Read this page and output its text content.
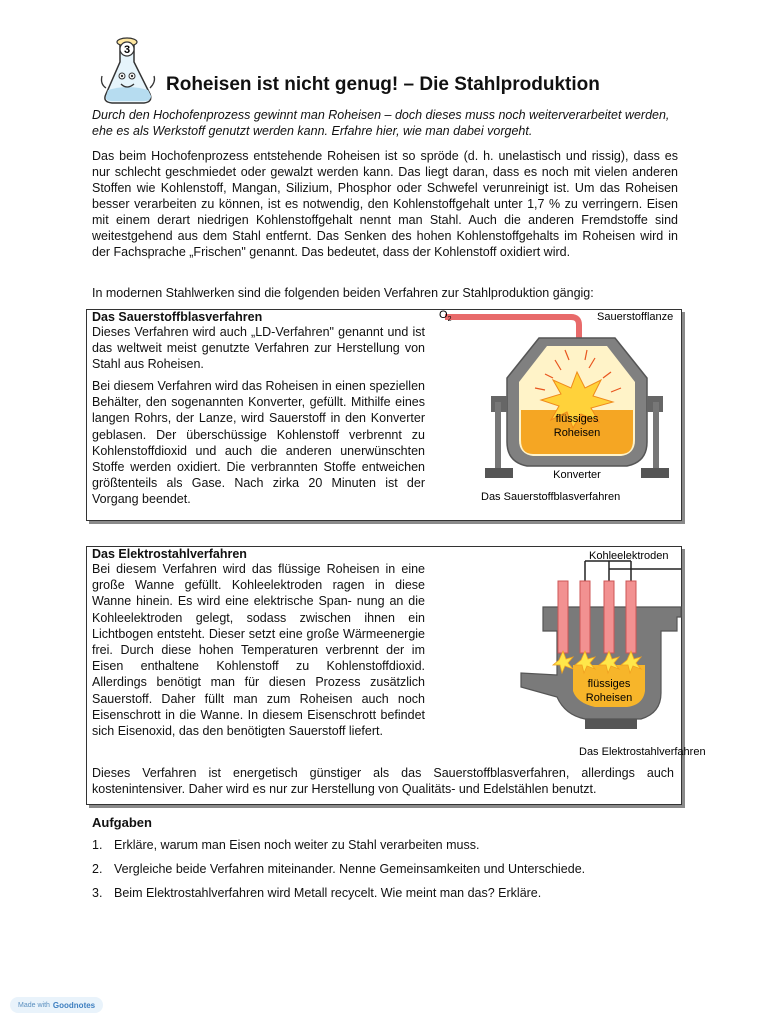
3
Roheisen ist nicht genug! – Die Stahlproduktion
Durch den Hochofenprozess gewinnt man Roheisen – doch dieses muss noch weiterverarbeitet werden, ehe es als Werkstoff genutzt werden kann. Erfahre hier, wie man dabei vorgeht.
Das beim Hochofenprozess entstehende Roheisen ist so spröde (d. h. unelastisch und rissig), dass es nur schlecht geschmiedet oder gewalzt werden kann. Das liegt daran, dass es noch mit vielen anderen Stoffen wie Kohlenstoff, Mangan, Silizium, Phosphor oder Schwefel verunreinigt ist. Um das Roheisen besser verarbeiten zu können, ist es notwendig, den Kohlenstoffgehalt unter 1,7 % zu verringern. Eisen mit einem derart niedrigen Kohlenstoffgehalt nennt man Stahl. Auch die anderen Fremdstoffe sind weitestgehend aus dem Stahl entfernt. Das Senken des hohen Kohlenstoffgehalts im Roheisen wird in der Fachsprache „Frischen" genannt. Das bedeutet, dass der Kohlenstoff oxidiert wird.
In modernen Stahlwerken sind die folgenden beiden Verfahren zur Stahlproduktion gängig:
Das Sauerstoffblasverfahren
Dieses Verfahren wird auch „LD-Verfahren" genannt und ist das weltweit meist genutzte Verfahren zur Herstellung von Stahl aus Roheisen.
Bei diesem Verfahren wird das Roheisen in einen speziellen Behälter, den sogenannten Konverter, gefüllt. Mithilfe eines langen Rohrs, der Lanze, wird Sauerstoff in den Konverter geblasen. Der überschüssige Kohlenstoff verbrennt zu Kohlenstoffdioxid und auch die anderen unerwünschten Stoffe werden oxidiert. Die verbrannten Stoffe entweichen größtenteils als Gase. Nach zirka 20 Minuten ist der Vorgang beendet.
$O_2$	Sauerstofflanze
flüssiges
Roheisen
Konverter
Das Sauerstoffblasverfahren
Das Elektrostahlverfahren
Bei diesem Verfahren wird das flüssige Roheisen in eine große Wanne gefüllt. Kohleelektroden ragen in diese Wanne hinein. Es wird eine elektrische Span- nung an die Kohleelektroden gelegt, sodass zwischen ihnen ein Lichtbogen entsteht. Dieser setzt eine große Wärmeenergie frei. Durch diese hohen Temperaturen verbrennt der im Eisen enthaltene Kohlenstoff zu Kohlenstoffdioxid. Allerdings benötigt man für diesen Prozess zusätzlich Sauerstoff. Daher füllt man zum Roheisen auch noch Eisenschrott in die Wanne. In diesem Eisenschrott befindet sich Eisenoxid, das den benötigten Sauerstoff liefert.
Dieses Verfahren ist energetisch günstiger als das Sauerstoffblasverfahren, allerdings auch kostenintensiver. Daher wird es nur zur Herstellung von Qualitäts- und Edelstählen benutzt.
Kohleelektroden
flüssiges
Roheisen
Das Elektrostahlverfahren
Aufgaben
1. Erkläre, warum man Eisen noch weiter zu Stahl verarbeiten muss.
2. Vergleiche beide Verfahren miteinander. Nenne Gemeinsamkeiten und Unterschiede.
3. Beim Elektrostahlverfahren wird Metall recycelt. Wie meint man das? Erkläre.
Made with Goodnotes
